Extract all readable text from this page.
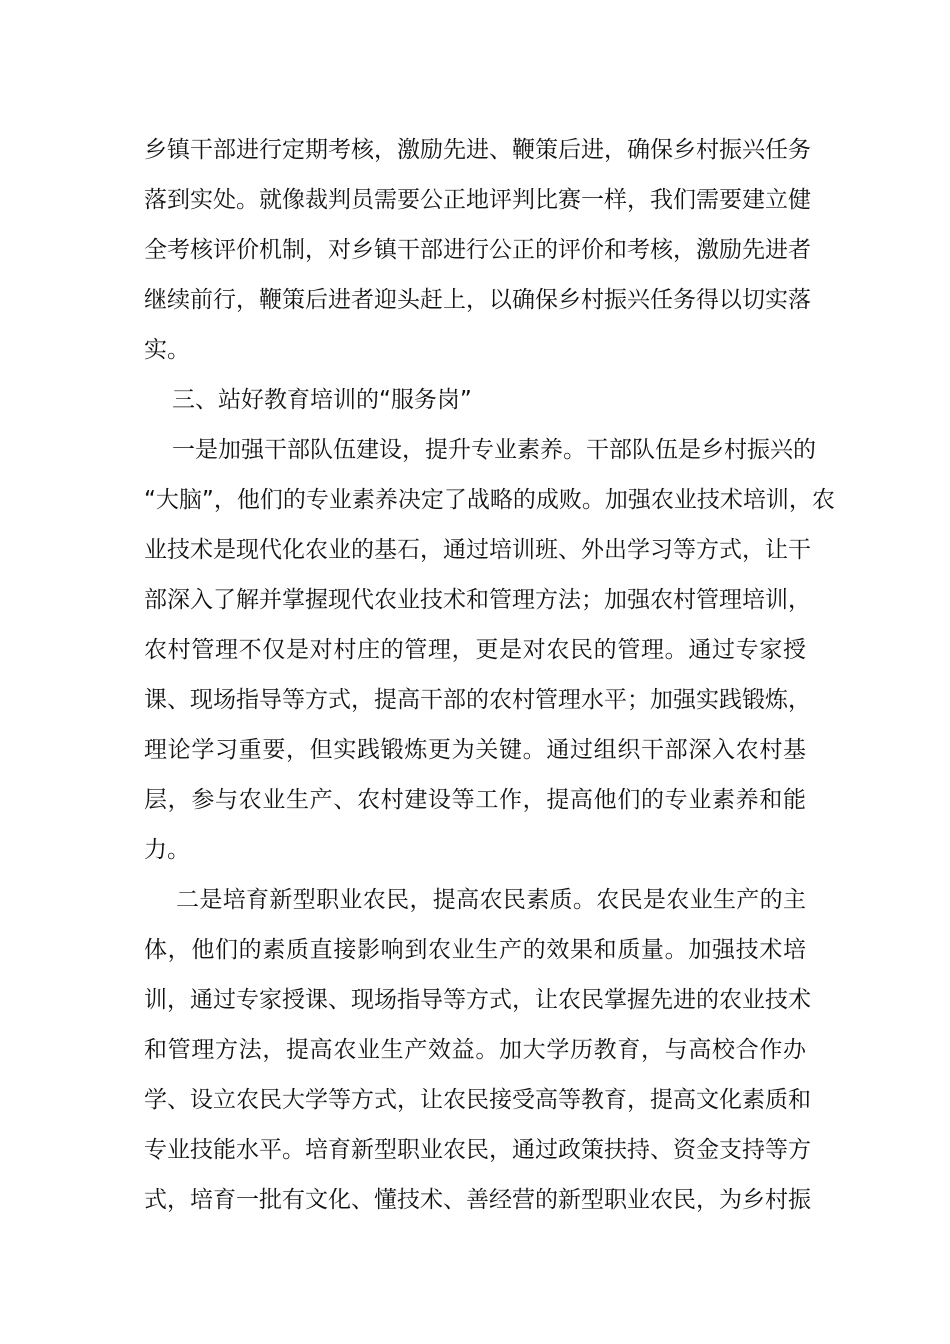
乡镇干部进行定期考核，激励先进、鞭策后进，确保乡村振兴任务
落到实处。就像裁判员需要公正地评判比赛一样，我们需要建立健
全考核评价机制，对乡镇干部进行公正的评价和考核，激励先进者
继续前行，鞭策后进者迎头赶上，以确保乡村振兴任务得以切实落
实。
三、站好教育培训的“服务岗”
一是加强干部队伍建设，提升专业素养。干部队伍是乡村振兴的
“大脑”，他们的专业素养决定了战略的成败。加强农业技术培训，农
业技术是现代化农业的基石，通过培训班、外出学习等方式，让干
部深入了解并掌握现代农业技术和管理方法；加强农村管理培训，
农村管理不仅是对村庄的管理，更是对农民的管理。通过专家授
课、现场指导等方式，提高干部的农村管理水平；加强实践锻炼，
理论学习重要，但实践锻炼更为关键。通过组织干部深入农村基
层，参与农业生产、农村建设等工作，提高他们的专业素养和能
力。
二是培育新型职业农民，提高农民素质。农民是农业生产的主
体，他们的素质直接影响到农业生产的效果和质量。加强技术培
训，通过专家授课、现场指导等方式，让农民掌握先进的农业技术
和管理方法，提高农业生产效益。加大学历教育，与高校合作办
学、设立农民大学等方式，让农民接受高等教育，提高文化素质和
专业技能水平。培育新型职业农民，通过政策扶持、资金支持等方
式，培育一批有文化、懂技术、善经营的新型职业农民，为乡村振
